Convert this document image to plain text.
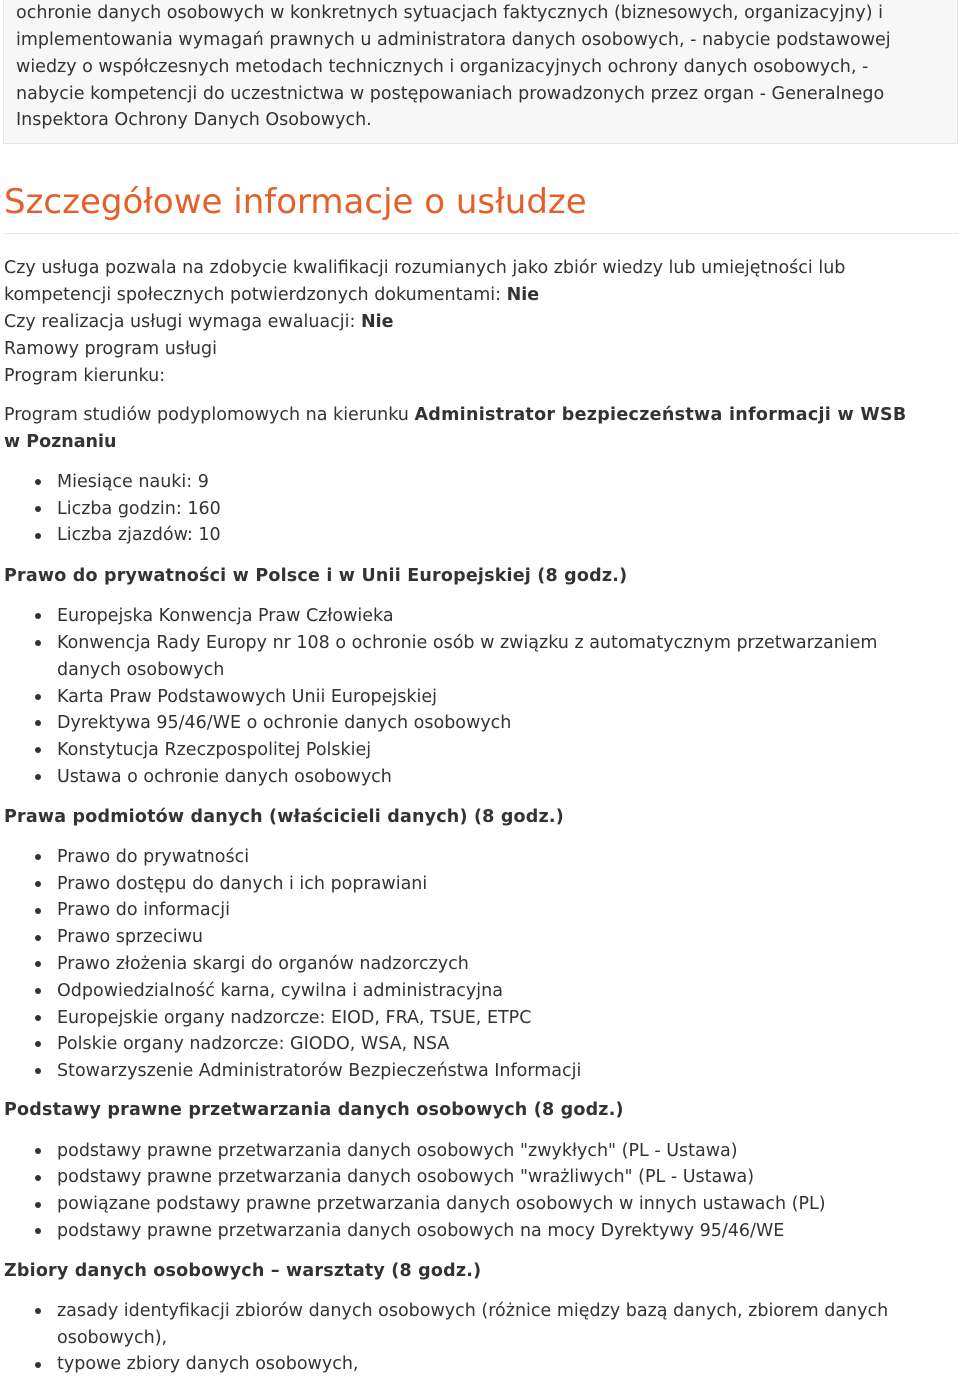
ochronie danych osobowych w konkretnych sytuacjach faktycznych (biznesowych, organizacyjny) i
implementowania wymagań prawnych u administratora danych osobowych, - nabycie podstawowej
wiedzy o współczesnych metodach technicznych i organizacyjnych ochrony danych osobowych, -
nabycie kompetencji do uczestnictwa w postępowaniach prowadzonych przez organ - Generalnego
Inspektora Ochrony Danych Osobowych.
Szczegółowe informacje o usłudze
Czy usługa pozwala na zdobycie kwalifikacji rozumianych jako zbiór wiedzy lub umiejętności lub
kompetencji społecznych potwierdzonych dokumentami: Nie
Czy realizacja usługi wymaga ewaluacji: Nie
Ramowy program usługi
Program kierunku:
Program studiów podyplomowych na kierunku Administrator bezpieczeństwa informacji w WSB
w Poznaniu
Miesiące nauki: 9
Liczba godzin: 160
Liczba zjazdów: 10
Prawo do prywatności w Polsce i w Unii Europejskiej (8 godz.)
Europejska Konwencja Praw Człowieka
Konwencja Rady Europy nr 108 o ochronie osób w związku z automatycznym przetwarzaniem
danych osobowych
Karta Praw Podstawowych Unii Europejskiej
Dyrektywa 95/46/WE o ochronie danych osobowych
Konstytucja Rzeczpospolitej Polskiej
Ustawa o ochronie danych osobowych
Prawa podmiotów danych (właścicieli danych) (8 godz.)
Prawo do prywatności
Prawo dostępu do danych i ich poprawiani
Prawo do informacji
Prawo sprzeciwu
Prawo złożenia skargi do organów nadzorczych
Odpowiedzialność karna, cywilna i administracyjna
Europejskie organy nadzorcze: EIOD, FRA, TSUE, ETPC
Polskie organy nadzorcze: GIODO, WSA, NSA
Stowarzyszenie Administratorów Bezpieczeństwa Informacji
Podstawy prawne przetwarzania danych osobowych (8 godz.)
podstawy prawne przetwarzania danych osobowych "zwykłych" (PL - Ustawa)
podstawy prawne przetwarzania danych osobowych "wrażliwych" (PL - Ustawa)
powiązane podstawy prawne przetwarzania danych osobowych w innych ustawach (PL)
podstawy prawne przetwarzania danych osobowych na mocy Dyrektywy 95/46/WE
Zbiory danych osobowych – warsztaty (8 godz.)
zasady identyfikacji zbiorów danych osobowych (różnice między bazą danych, zbiorem danych
osobowych),
typowe zbiory danych osobowych,
